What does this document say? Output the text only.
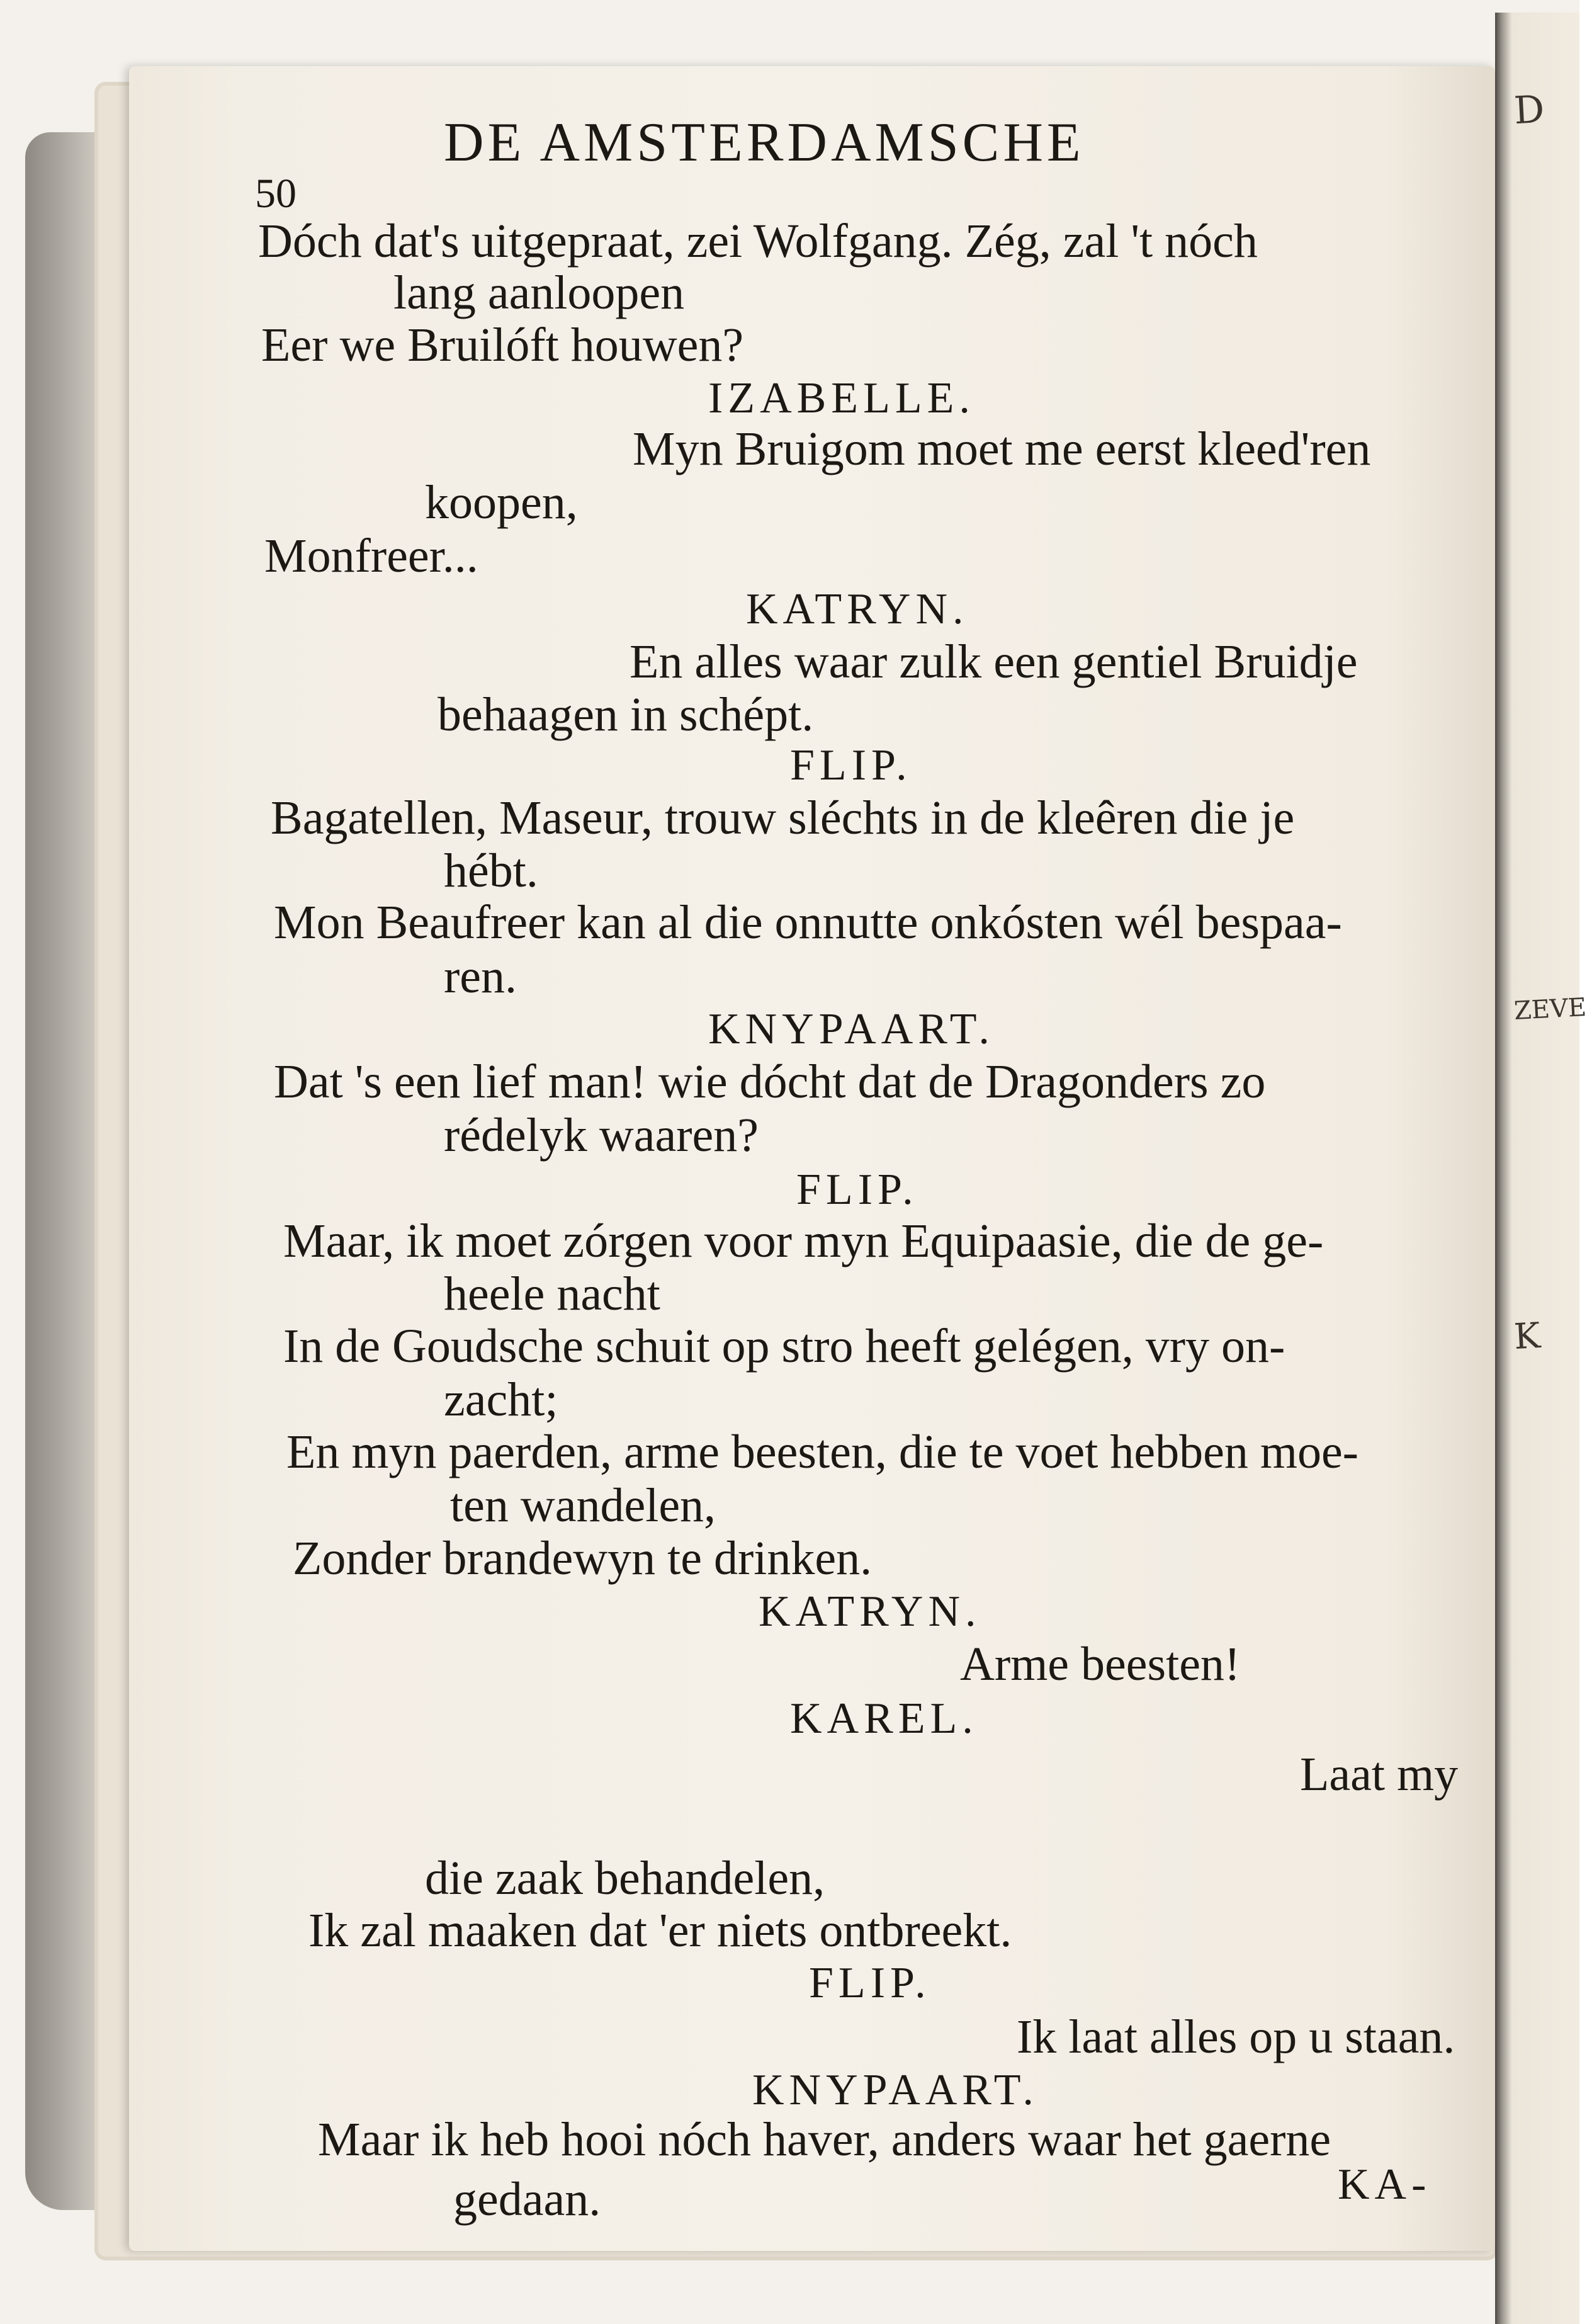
D
ZEVE
K
50
DE AMSTERDAMSCHE
Dóch dat's uitgepraat, zei Wolfgang. Zég, zal 't nóch
lang aanloopen
Eer we Bruilóft houwen?
IZABELLE.
Myn Bruigom moet me eerst kleed'ren
koopen,
Monfreer...
KATRYN.
En alles waar zulk een gentiel Bruidje
behaagen in schépt.
FLIP.
Bagatellen, Maseur, trouw sléchts in de kleêren die je
hébt.
Mon Beaufreer kan al die onnutte onkósten wél bespaa-
ren.
KNYPAART.
Dat 's een lief man! wie dócht dat de Dragonders zo
rédelyk waaren?
FLIP.
Maar, ik moet zórgen voor myn Equipaasie, die de ge-
heele nacht
In de Goudsche schuit op stro heeft gelégen, vry on-
zacht;
En myn paerden, arme beesten, die te voet hebben moe-
ten wandelen,
Zonder brandewyn te drinken.
KATRYN.
Arme beesten!
KAREL.
Laat my
die zaak behandelen,
Ik zal maaken dat 'er niets ontbreekt.
FLIP.
Ik laat alles op u staan.
KNYPAART.
Maar ik heb hooi nóch haver, anders waar het gaerne
KA-
gedaan.
